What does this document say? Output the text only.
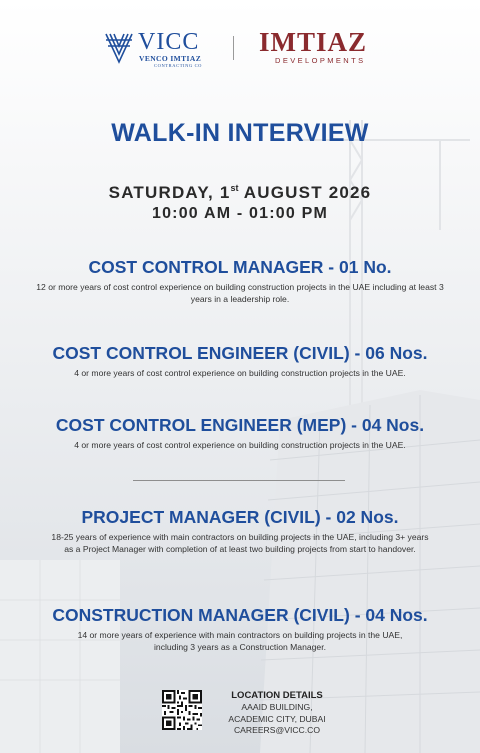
VICC
VENCO IMTIAZ
CONTRACTING CO
IMTIAZ
DEVELOPMENTS
WALK-IN INTERVIEW
SATURDAY, 1st AUGUST 2026
10:00 AM - 01:00 PM
COST CONTROL MANAGER - 01 No.
12 or more years of cost control experience on building construction projects in the UAE including at least 3 years in a leadership role.
COST CONTROL ENGINEER (CIVIL) - 06 Nos.
4 or more years of cost control experience on building construction projects in the UAE.
COST CONTROL ENGINEER (MEP) - 04 Nos.
4 or more years of cost control experience on building construction projects in the UAE.
PROJECT MANAGER (CIVIL) - 02 Nos.
18-25 years of experience with main contractors on building projects in the UAE, including 3+ years as a Project Manager with completion of at least two building projects from start to handover.
CONSTRUCTION MANAGER (CIVIL) - 04 Nos.
14 or more years of experience with main contractors on building projects in the UAE, including 3 years as a Construction Manager.
LOCATION DETAILS
AAAID BUILDING,
ACADEMIC CITY, DUBAI
CAREERS@VICC.CO
